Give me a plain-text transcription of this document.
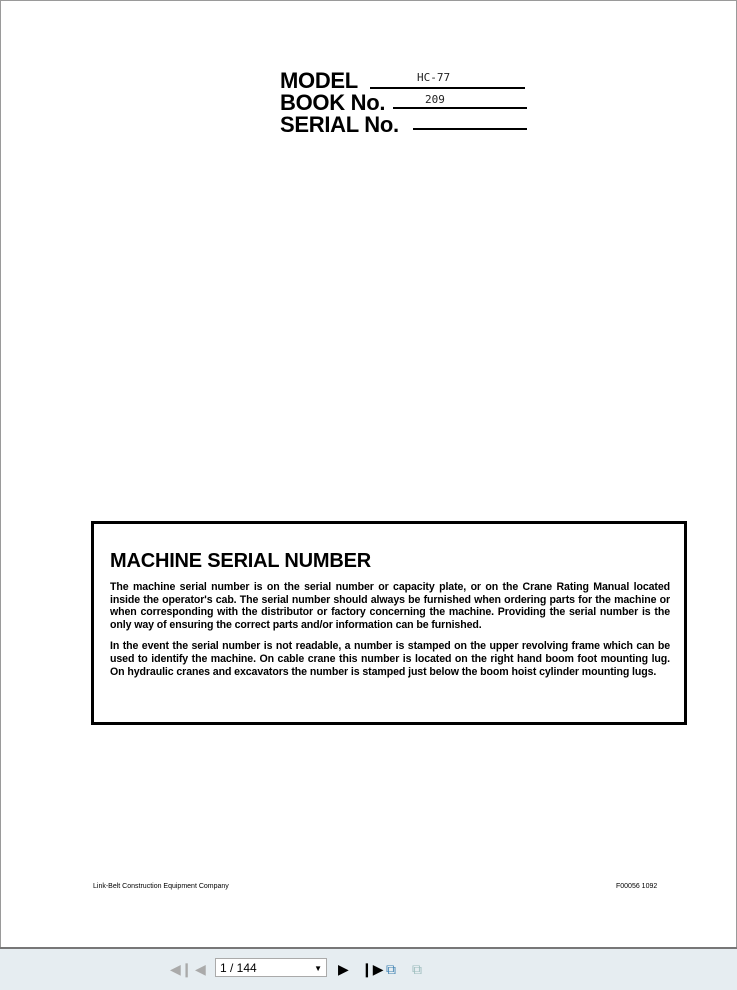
MODEL	HC-77
BOOK No.	209
SERIAL No.
MACHINE SERIAL NUMBER

The machine serial number is on the serial number or capacity plate, or on the Crane Rating Manual located inside the operator's cab. The serial number should always be furnished when ordering parts for the machine or when corresponding with the distributor or factory concerning the machine. Providing the serial number is the only way of ensuring the correct parts and/or information can be furnished.

In the event the serial number is not readable, a number is stamped on the upper revolving frame which can be used to identify the machine. On cable crane this number is located on the right hand boom foot mounting lug. On hydraulic cranes and excavators the number is stamped just below the boom hoist cylinder mounting lugs.

Link-Belt Construction Equipment Company	F00056 1092
◀❙ ◀	1 / 144	▼ ▶ ❙▶ ⧉ ⧉
